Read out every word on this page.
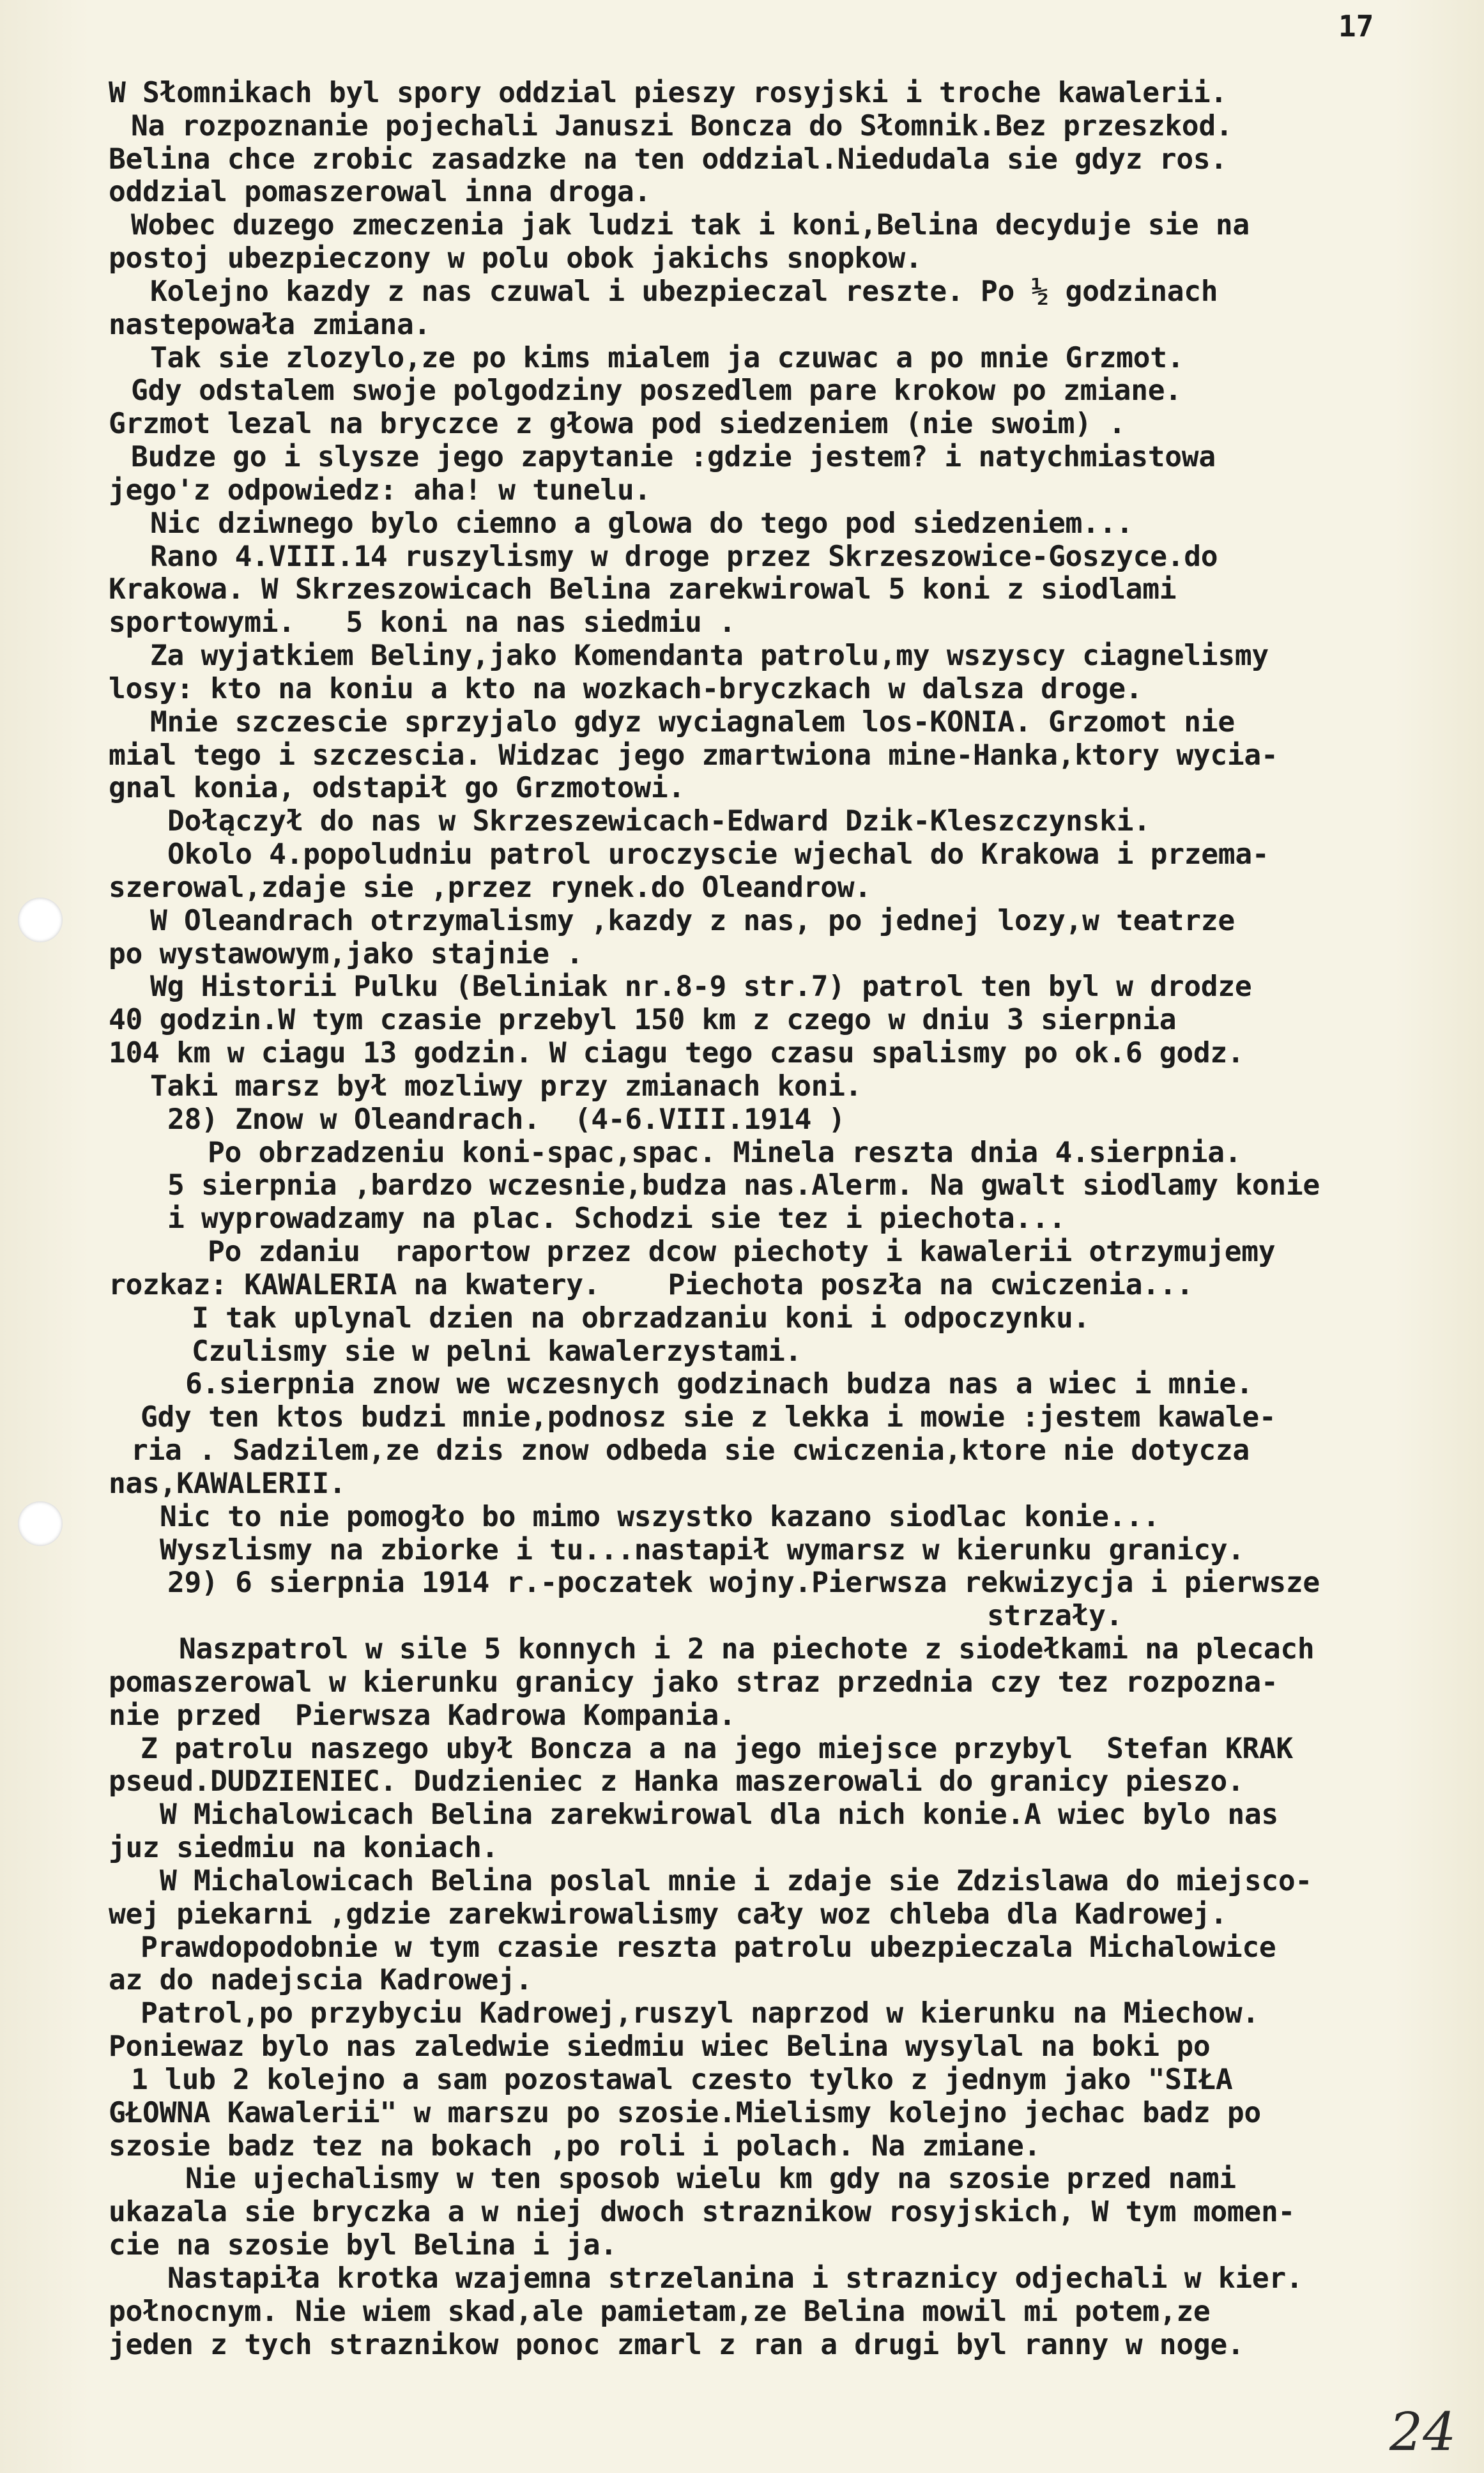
17
W Słomnikach byl spory oddzial pieszy rosyjski i troche kawalerii.
Na rozpoznanie pojechali Januszi Boncza do Słomnik.Bez przeszkod.
Belina chce zrobic zasadzke na ten oddzial.Niedudala sie gdyz ros.
oddzial pomaszerowal inna droga.
Wobec duzego zmeczenia jak ludzi tak i koni,Belina decyduje sie na
postoj ubezpieczony w polu obok jakichs snopkow.
Kolejno kazdy z nas czuwal i ubezpieczal reszte. Po ½ godzinach
nastepowała zmiana.
Tak sie zlozylo,ze po kims mialem ja czuwac a po mnie Grzmot.
Gdy odstalem swoje polgodziny poszedlem pare krokow po zmiane.
Grzmot lezal na bryczce z głowa pod siedzeniem (nie swoim) .
Budze go i slysze jego zapytanie :gdzie jestem? i natychmiastowa
jego'z odpowiedz: aha! w tunelu.
Nic dziwnego bylo ciemno a glowa do tego pod siedzeniem...
Rano 4.VIII.14 ruszylismy w droge przez Skrzeszowice-Goszyce.do
Krakowa. W Skrzeszowicach Belina zarekwirowal 5 koni z siodlami
sportowymi.   5 koni na nas siedmiu .
Za wyjatkiem Beliny,jako Komendanta patrolu,my wszyscy ciagnelismy
losy: kto na koniu a kto na wozkach-bryczkach w dalsza droge.
Mnie szczescie sprzyjalo gdyz wyciagnalem los-KONIA. Grzomot nie
mial tego i szczescia. Widzac jego zmartwiona mine-Hanka,ktory wycia-
gnal konia, odstapił go Grzmotowi.
Dołączył do nas w Skrzeszewicach-Edward Dzik-Kleszczynski.
Okolo 4.popoludniu patrol uroczyscie wjechal do Krakowa i przema-
szerowal,zdaje sie ,przez rynek.do Oleandrow.
W Oleandrach otrzymalismy ,kazdy z nas, po jednej lozy,w teatrze
po wystawowym,jako stajnie .
Wg Historii Pulku (Beliniak nr.8-9 str.7) patrol ten byl w drodze
40 godzin.W tym czasie przebyl 150 km z czego w dniu 3 sierpnia
104 km w ciagu 13 godzin. W ciagu tego czasu spalismy po ok.6 godz.
Taki marsz był mozliwy przy zmianach koni.
28) Znow w Oleandrach.  (4-6.VIII.1914 )
Po obrzadzeniu koni-spac,spac. Minela reszta dnia 4.sierpnia.
5 sierpnia ,bardzo wczesnie,budza nas.Alerm. Na gwalt siodlamy konie
i wyprowadzamy na plac. Schodzi sie tez i piechota...
Po zdaniu  raportow przez dcow piechoty i kawalerii otrzymujemy
rozkaz: KAWALERIA na kwatery.    Piechota poszła na cwiczenia...
I tak uplynal dzien na obrzadzaniu koni i odpoczynku.
Czulismy sie w pelni kawalerzystami.
6.sierpnia znow we wczesnych godzinach budza nas a wiec i mnie.
Gdy ten ktos budzi mnie,podnosz sie z lekka i mowie :jestem kawale-
ria . Sadzilem,ze dzis znow odbeda sie cwiczenia,ktore nie dotycza
nas,KAWALERII.
Nic to nie pomogło bo mimo wszystko kazano siodlac konie...
Wyszlismy na zbiorke i tu...nastapił wymarsz w kierunku granicy.
29) 6 sierpnia 1914 r.-poczatek wojny.Pierwsza rekwizycja i pierwsze
strzały.
Naszpatrol w sile 5 konnych i 2 na piechote z siodełkami na plecach
pomaszerowal w kierunku granicy jako straz przednia czy tez rozpozna-
nie przed  Pierwsza Kadrowa Kompania.
Z patrolu naszego ubył Boncza a na jego miejsce przybyl  Stefan KRAK
pseud.DUDZIENIEC. Dudzieniec z Hanka maszerowali do granicy pieszo.
W Michalowicach Belina zarekwirowal dla nich konie.A wiec bylo nas
juz siedmiu na koniach.
W Michalowicach Belina poslal mnie i zdaje sie Zdzislawa do miejsco-
wej piekarni ,gdzie zarekwirowalismy cały woz chleba dla Kadrowej.
Prawdopodobnie w tym czasie reszta patrolu ubezpieczala Michalowice
az do nadejscia Kadrowej.
Patrol,po przybyciu Kadrowej,ruszyl naprzod w kierunku na Miechow.
Poniewaz bylo nas zaledwie siedmiu wiec Belina wysylal na boki po
1 lub 2 kolejno a sam pozostawal czesto tylko z jednym jako "SIŁA
GŁOWNA Kawalerii" w marszu po szosie.Mielismy kolejno jechac badz po
szosie badz tez na bokach ,po roli i polach. Na zmiane.
Nie ujechalismy w ten sposob wielu km gdy na szosie przed nami
ukazala sie bryczka a w niej dwoch straznikow rosyjskich, W tym momen-
cie na szosie byl Belina i ja.
Nastapiła krotka wzajemna strzelanina i straznicy odjechali w kier.
połnocnym. Nie wiem skad,ale pamietam,ze Belina mowil mi potem,ze
jeden z tych straznikow ponoc zmarl z ran a drugi byl ranny w noge.
24
